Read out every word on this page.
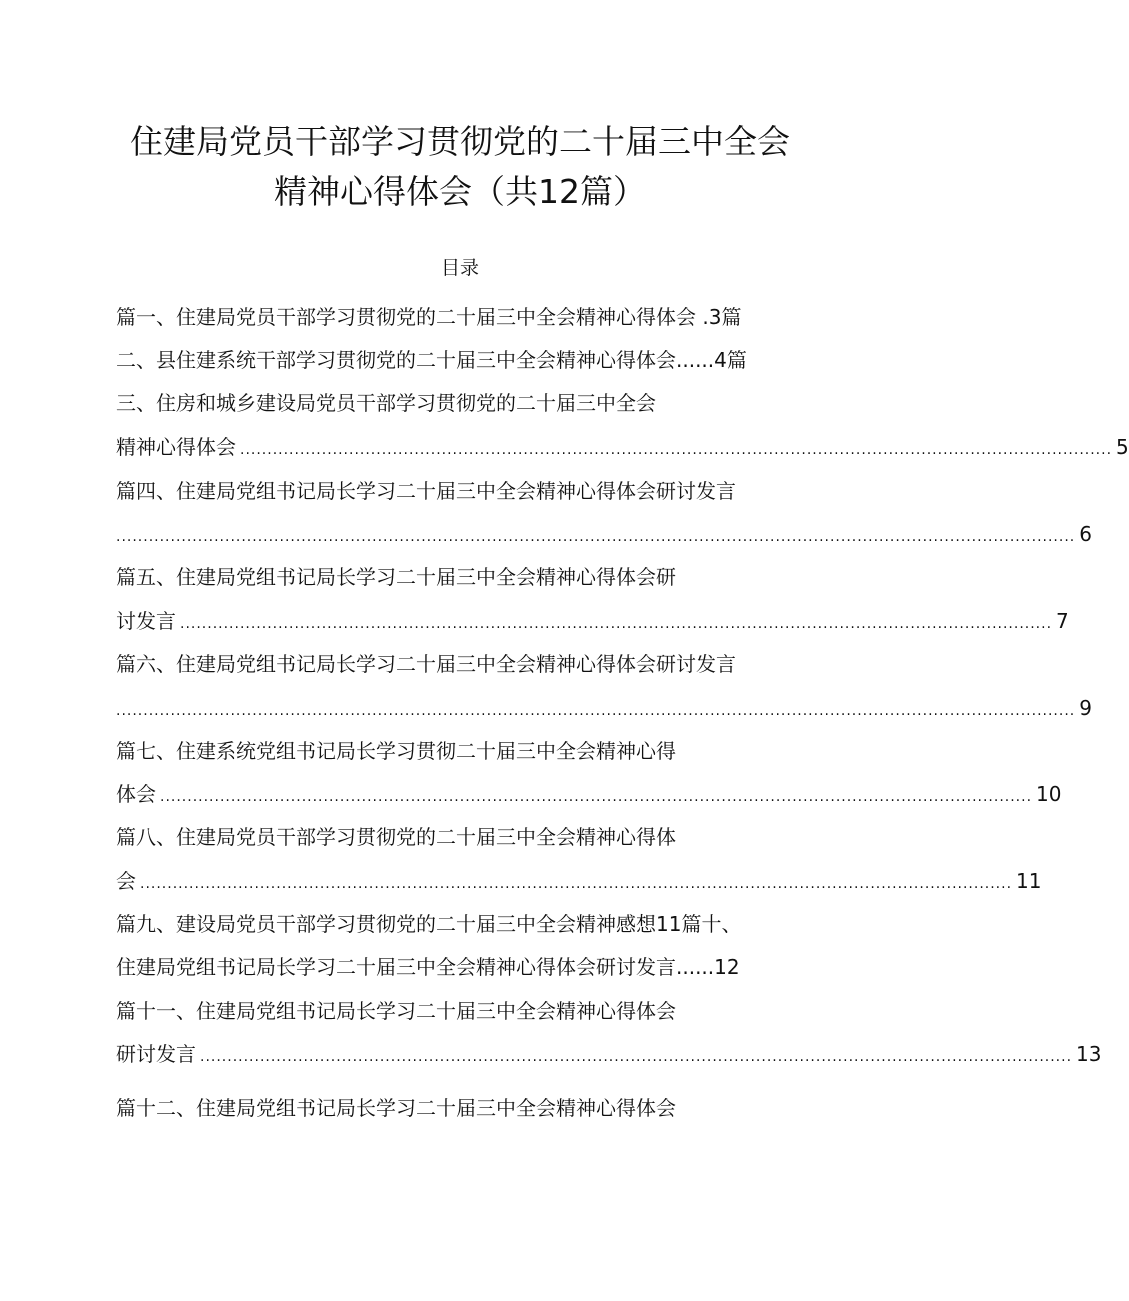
住建局党员干部学习贯彻党的二十届三中全会
精神心得体会（共12篇）
目录
篇一、住建局党员干部学习贯彻党的二十届三中全会精神心得体会 .3篇
二、县住建系统干部学习贯彻党的二十届三中全会精神心得体会......4篇
三、住房和城乡建设局党员干部学习贯彻党的二十届三中全会
精神心得体会 ................................................................................................................................................................ 5
篇四、住建局党组书记局长学习二十届三中全会精神心得体会研讨发言
................................................................................................................................................................................ 6
篇五、住建局党组书记局长学习二十届三中全会精神心得体会研
讨发言 ................................................................................................................................................................ 7
篇六、住建局党组书记局长学习二十届三中全会精神心得体会研讨发言
................................................................................................................................................................................ 9
篇七、住建系统党组书记局长学习贯彻二十届三中全会精神心得
体会 ................................................................................................................................................................ 10
篇八、住建局党员干部学习贯彻党的二十届三中全会精神心得体
会 ................................................................................................................................................................ 11
篇九、建设局党员干部学习贯彻党的二十届三中全会精神感想11篇十、
住建局党组书记局长学习二十届三中全会精神心得体会研讨发言......12
篇十一、住建局党组书记局长学习二十届三中全会精神心得体会
研讨发言 ................................................................................................................................................................ 13
篇十二、住建局党组书记局长学习二十届三中全会精神心得体会
